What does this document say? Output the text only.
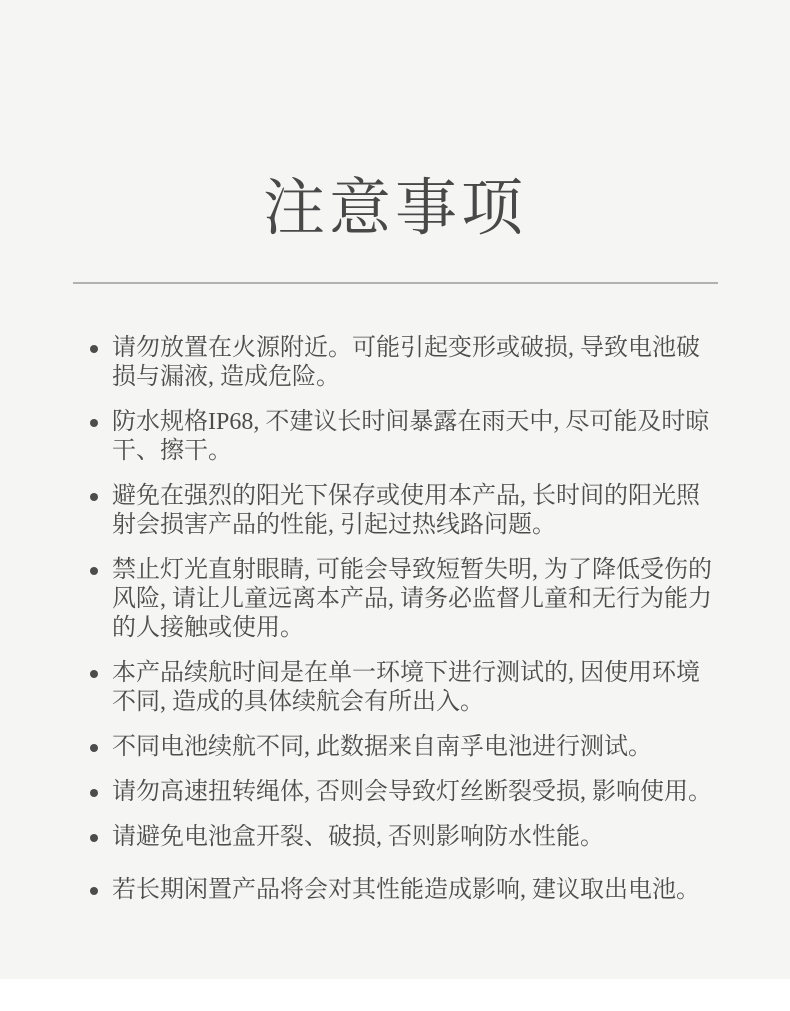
注意事项
请勿放置在火源附近。可能引起变形或破损, 导致电池破损与漏液, 造成危险。
防水规格IP68, 不建议长时间暴露在雨天中, 尽可能及时晾干、擦干。
避免在强烈的阳光下保存或使用本产品, 长时间的阳光照射会损害产品的性能, 引起过热线路问题。
禁止灯光直射眼睛, 可能会导致短暂失明, 为了降低受伤的风险, 请让儿童远离本产品, 请务必监督儿童和无行为能力的人接触或使用。
本产品续航时间是在单一环境下进行测试的, 因使用环境不同, 造成的具体续航会有所出入。
不同电池续航不同, 此数据来自南孚电池进行测试。
请勿高速扭转绳体, 否则会导致灯丝断裂受损, 影响使用。
请避免电池盒开裂、破损, 否则影响防水性能。
若长期闲置产品将会对其性能造成影响, 建议取出电池。
